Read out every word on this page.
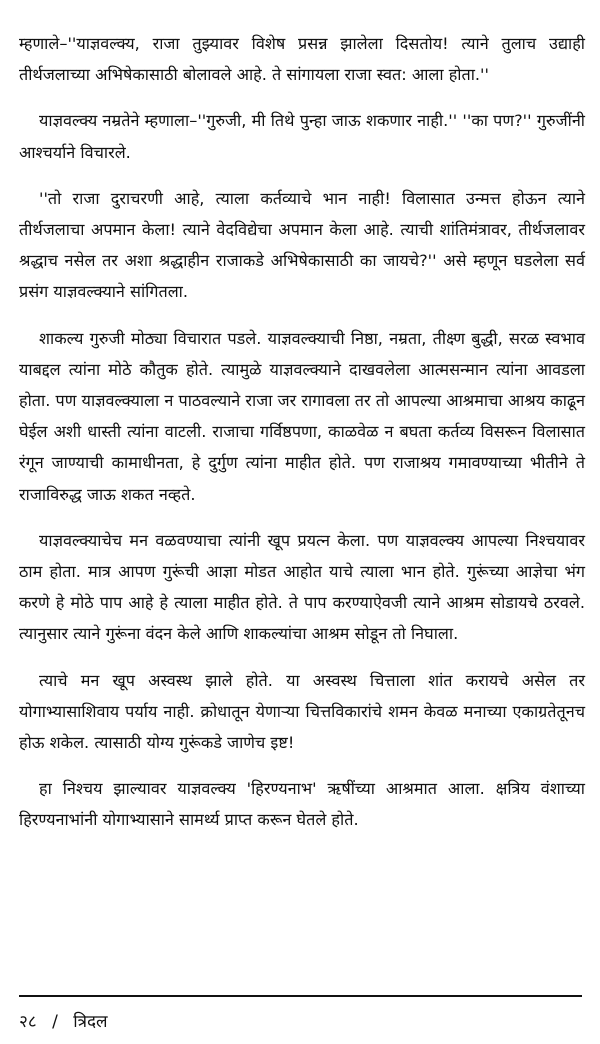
म्हणाले–''याज्ञवल्क्य, राजा तुझ्यावर विशेष प्रसन्न झालेला दिसतोय! त्याने तुलाच उद्याही तीर्थजलाच्या अभिषेकासाठी बोलावले आहे. ते सांगायला राजा स्वत: आला होता.''

याज्ञवल्क्य नम्रतेने म्हणाला–''गुरुजी, मी तिथे पुन्हा जाऊ शकणार नाही.'' ''का पण?'' गुरुजींनी आश्चर्याने विचारले.

''तो राजा दुराचरणी आहे, त्याला कर्तव्याचे भान नाही! विलासात उन्मत्त होऊन त्याने तीर्थजलाचा अपमान केला! त्याने वेदविद्येचा अपमान केला आहे. त्याची शांतिमंत्रावर, तीर्थजलावर श्रद्धाच नसेल तर अशा श्रद्धाहीन राजाकडे अभिषेकासाठी का जायचे?'' असे म्हणून घडलेला सर्व प्रसंग याज्ञवल्क्याने सांगितला.

शाकल्य गुरुजी मोठ्या विचारात पडले. याज्ञवल्क्याची निष्ठा, नम्रता, तीक्ष्ण बुद्धी, सरळ स्वभाव याबद्दल त्यांना मोठे कौतुक होते. त्यामुळे याज्ञवल्क्याने दाखवलेला आत्मसन्मान त्यांना आवडला होता. पण याज्ञवल्क्याला न पाठवल्याने राजा जर रागावला तर तो आपल्या आश्रमाचा आश्रय काढून घेईल अशी धास्ती त्यांना वाटली. राजाचा गर्विष्ठपणा, काळवेळ न बघता कर्तव्य विसरून विलासात रंगून जाण्याची कामाधीनता, हे दुर्गुण त्यांना माहीत होते. पण राजाश्रय गमावण्याच्या भीतीने ते राजाविरुद्ध जाऊ शकत नव्हते.

याज्ञवल्क्याचेच मन वळवण्याचा त्यांनी खूप प्रयत्न केला. पण याज्ञवल्क्य आपल्या निश्चयावर ठाम होता. मात्र आपण गुरूंची आज्ञा मोडत आहोत याचे त्याला भान होते. गुरूंच्या आज्ञेचा भंग करणे हे मोठे पाप आहे हे त्याला माहीत होते. ते पाप करण्याऐवजी त्याने आश्रम सोडायचे ठरवले. त्यानुसार त्याने गुरूंना वंदन केले आणि शाकल्यांचा आश्रम सोडून तो निघाला.

त्याचे मन खूप अस्वस्थ झाले होते. या अस्वस्थ चित्ताला शांत करायचे असेल तर योगाभ्यासाशिवाय पर्याय नाही. क्रोधातून येणाऱ्या चित्तविकारांचे शमन केवळ मनाच्या एकाग्रतेतूनच होऊ शकेल. त्यासाठी योग्य गुरूंकडे जाणेच इष्ट!

हा निश्चय झाल्यावर याज्ञवल्क्य 'हिरण्यनाभ' ऋषींच्या आश्रमात आला. क्षत्रिय वंशाच्या हिरण्यनाभांनी योगाभ्यासाने सामर्थ्य प्राप्त करून घेतले होते.

२८ / त्रिदल
